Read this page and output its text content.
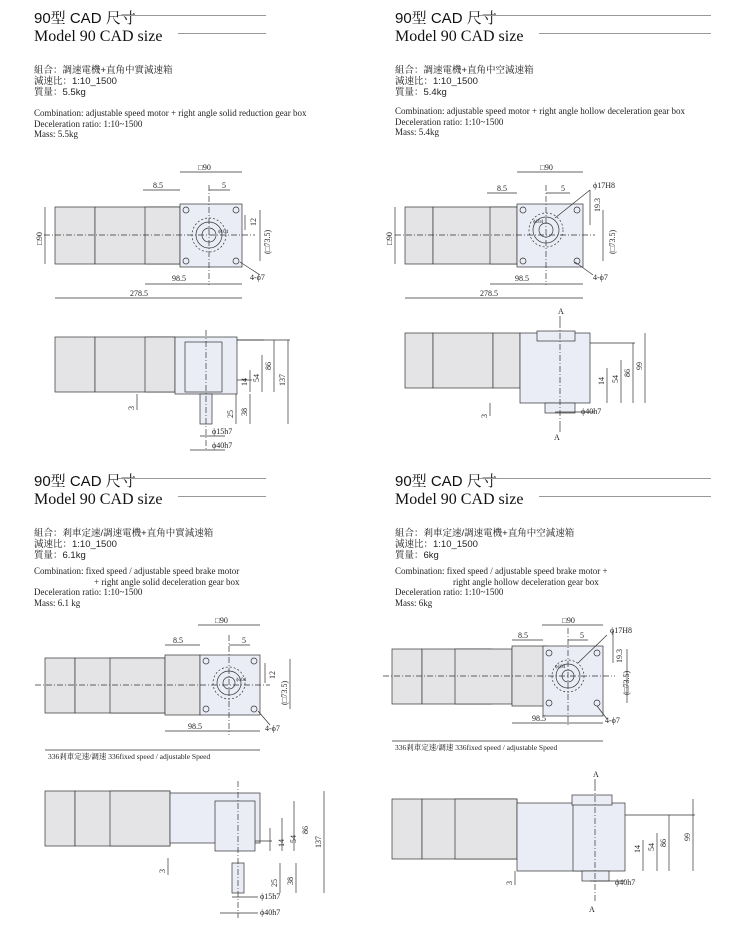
90型 CAD 尺寸
Model 90 CAD size
組合：調速電機+直角中實減速箱
減速比：1:10_1500
質量：5.5kg
Combination: adjustable speed motor + right angle solid reduction gear box
Deceleration ratio: 1:10~1500
Mass: 5.5kg
□90
8.5	5
98.5
278.5
4-ϕ7
ϕ104
□90
12
(□73.5)
14 54
86
137
25 38
3
ϕ15h7
ϕ40h7
90型 CAD 尺寸
Model 90 CAD size
組合：調速電機+直角中空減速箱
減速比：1:10_1500
質量：5.4kg
Combination: adjustable speed motor + right angle hollow deceleration gear box
Deceleration ratio: 1:10~1500
Mass: 5.4kg
□90
8.5	5	ϕ17H8
98.5
278.5
4-ϕ7
ϕ104
□90
19.3
(□73.5)
A
A
14 54
86
99
3	ϕ40h7
90型 CAD 尺寸
Model 90 CAD size
組合：剎車定速/調速電機+直角中實減速箱
減速比：1:10_1500
質量：6.1kg
Combination: fixed speed / adjustable speed brake motor
+ right angle solid deceleration gear box
Deceleration ratio: 1:10~1500
Mass: 6.1 kg
□90
8.5	5
98.5	4-ϕ7
336剎車定速/調速 336fixed speed / adjustable Speed
ϕ104
12
(□73.5)
14 54
86
137
25 38
3
ϕ15h7
ϕ40h7
90型 CAD 尺寸
Model 90 CAD size
組合：剎車定速/調速電機+直角中空減速箱
減速比：1:10_1500
質量：6kg
Combination: fixed speed / adjustable speed brake motor +
right angle hollow deceleration gear box
Deceleration ratio: 1:10~1500
Mass: 6kg
□90
8.5	5
ϕ17H8
98.5	4-ϕ7
336剎車定速/調速 336fixed speed / adjustable Speed
ϕ104
19.3
(□73.5)
A
A
14 54 86
99
3	ϕ40h7
